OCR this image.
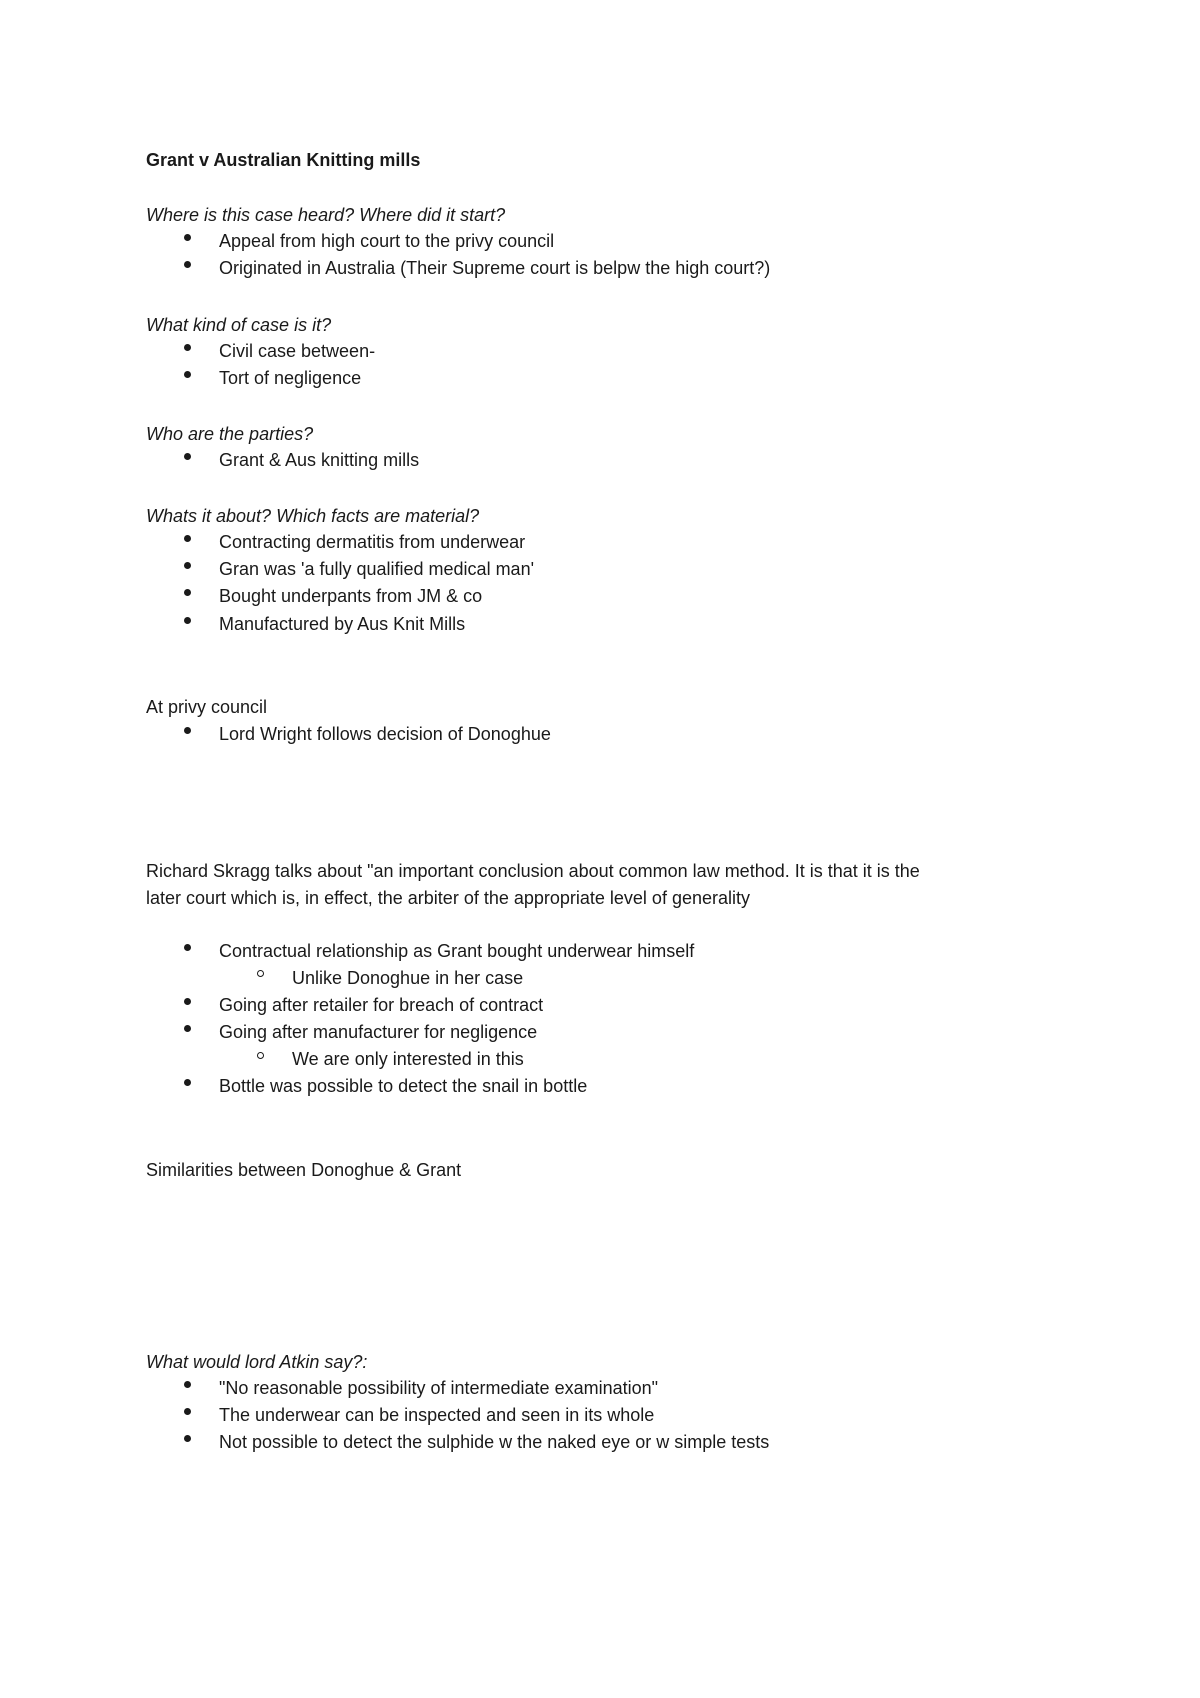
Grant v Australian Knitting mills
Where is this case heard? Where did it start?
Appeal from high court to the privy council
Originated in Australia (Their Supreme court is belpw the high court?)
What kind of case is it?
Civil case between-
Tort of negligence
Who are the parties?
Grant & Aus knitting mills
Whats it about? Which facts are material?
Contracting dermatitis from underwear
Gran was 'a fully qualified medical man'
Bought underpants from JM & co
Manufactured by Aus Knit Mills
At privy council
Lord Wright follows decision of Donoghue
Richard Skragg talks about "an important conclusion about common law method. It is that it is the
later court which is, in effect, the arbiter of the appropriate level of generality
Contractual relationship as Grant bought underwear himself
Unlike Donoghue in her case
Going after retailer for breach of contract
Going after manufacturer for negligence
We are only interested in this
Bottle was possible to detect the snail in bottle
Similarities between Donoghue & Grant
What would lord Atkin say?:
"No reasonable possibility of intermediate examination"
The underwear can be inspected and seen in its whole
Not possible to detect the sulphide w the naked eye or w simple tests
